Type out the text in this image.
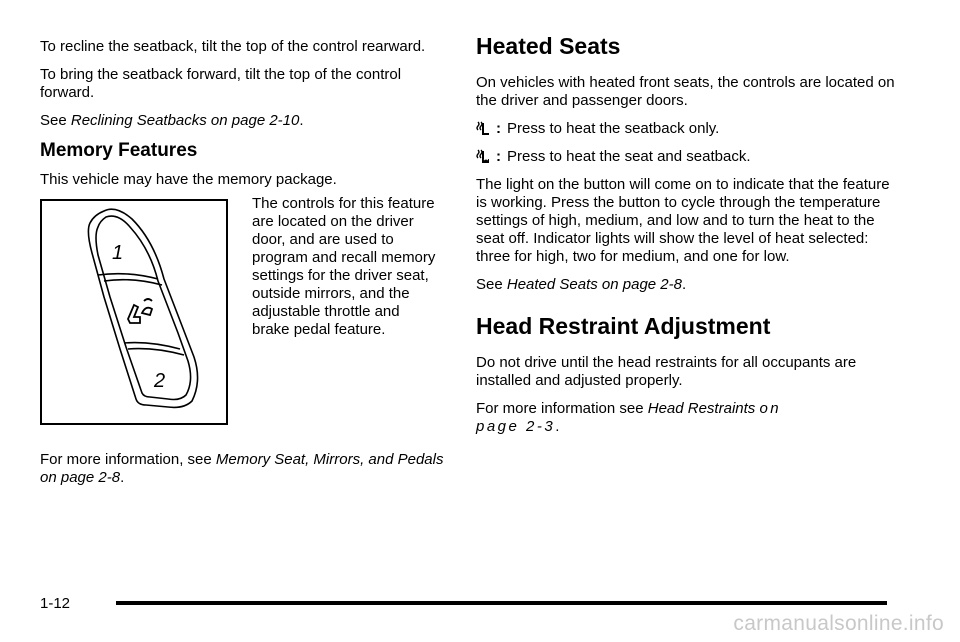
To recline the seatback, tilt the top of the control rearward.

To bring the seatback forward, tilt the top of the control forward.

See Reclining Seatbacks on page 2-10.

Memory Features

This vehicle may have the memory package.

1
2

The controls for this feature are located on the driver door, and are used to program and recall memory settings for the driver seat, outside mirrors, and the adjustable throttle and brake pedal feature.

For more information, see Memory Seat, Mirrors, and Pedals on page 2-8.

Heated Seats

On vehicles with heated front seats, the controls are located on the driver and passenger doors.

: Press to heat the seatback only.

: Press to heat the seat and seatback.

The light on the button will come on to indicate that the feature is working. Press the button to cycle through the temperature settings of high, medium, and low and to turn the heat to the seat off. Indicator lights will show the level of heat selected: three for high, two for medium, and one for low.

See Heated Seats on page 2-8.

Head Restraint Adjustment

Do not drive until the head restraints for all occupants are installed and adjusted properly.

For more information see Head Restraints on
page 2-3.

1-12
carmanualsonline.info
